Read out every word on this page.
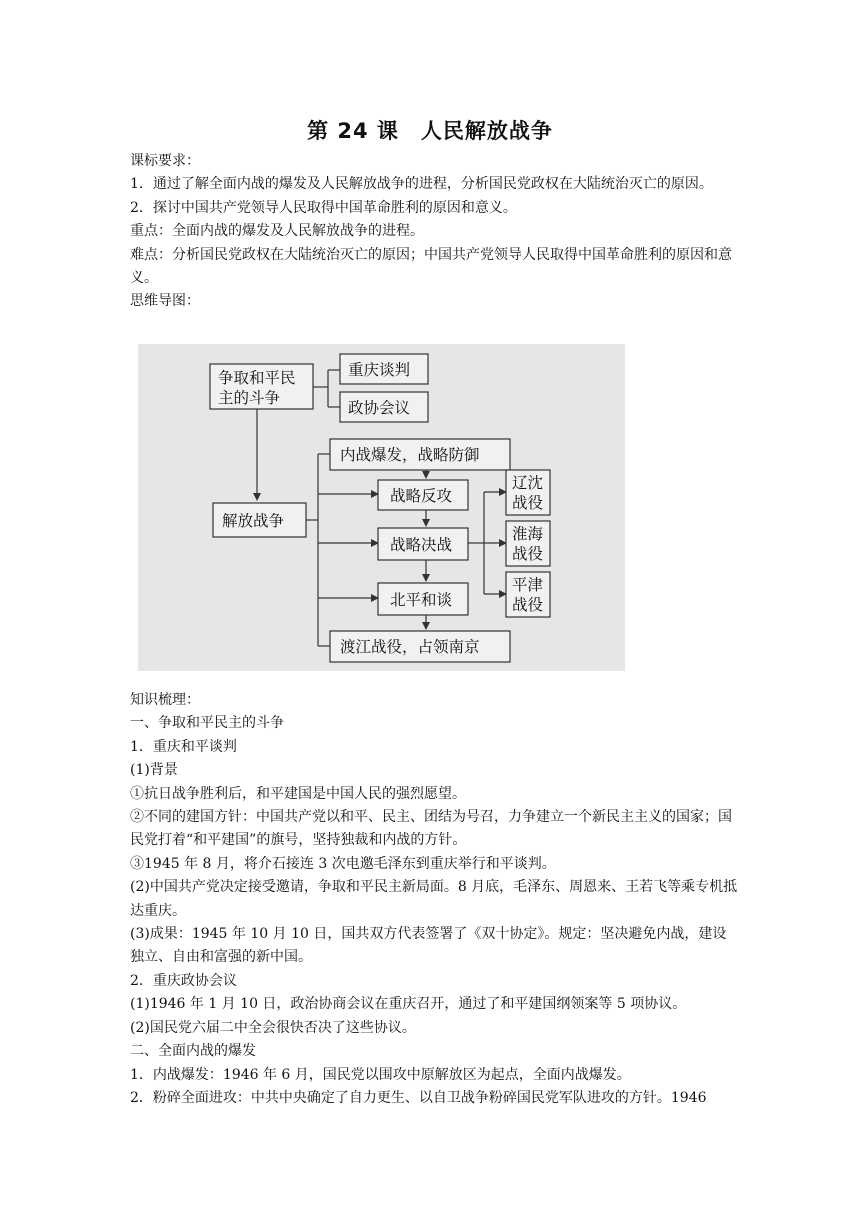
第 24 课　人民解放战争

课标要求：

1．通过了解全面内战的爆发及人民解放战争的进程，分析国民党政权在大陆统治灭亡的原因。

2．探讨中国共产党领导人民取得中国革命胜利的原因和意义。

重点：全面内战的爆发及人民解放战争的进程。

难点：分析国民党政权在大陆统治灭亡的原因；中国共产党领导人民取得中国革命胜利的原因和意义。

思维导图：

争取和平民
主的斗争
重庆谈判
政协会议
解放战争
内战爆发，战略防御
战略反攻
战略决战
北平和谈
渡江战役，占领南京
辽沈
战役
淮海
战役
平津
战役

知识梳理：

一、争取和平民主的斗争

1．重庆和平谈判

(1)背景

①抗日战争胜利后，和平建国是中国人民的强烈愿望。

②不同的建国方针：中国共产党以和平、民主、团结为号召，力争建立一个新民主主义的国家；国民党打着“和平建国”的旗号，坚持独裁和内战的方针。

③1945 年 8 月，将介石接连 3 次电邀毛泽东到重庆举行和平谈判。

(2)中国共产党决定接受邀请，争取和平民主新局面。8 月底，毛泽东、周恩来、王若飞等乘专机抵达重庆。

(3)成果：1945 年 10 月 10 日，国共双方代表签署了《双十协定》。规定：坚决避免内战，建设独立、自由和富强的新中国。

2．重庆政协会议

(1)1946 年 1 月 10 日，政治协商会议在重庆召开，通过了和平建国纲领案等 5 项协议。

(2)国民党六届二中全会很快否决了这些协议。

二、全面内战的爆发

1．内战爆发：1946 年 6 月，国民党以围攻中原解放区为起点，全面内战爆发。

2．粉碎全面进攻：中共中央确定了自力更生、以自卫战争粉碎国民党军队进攻的方针。1946
